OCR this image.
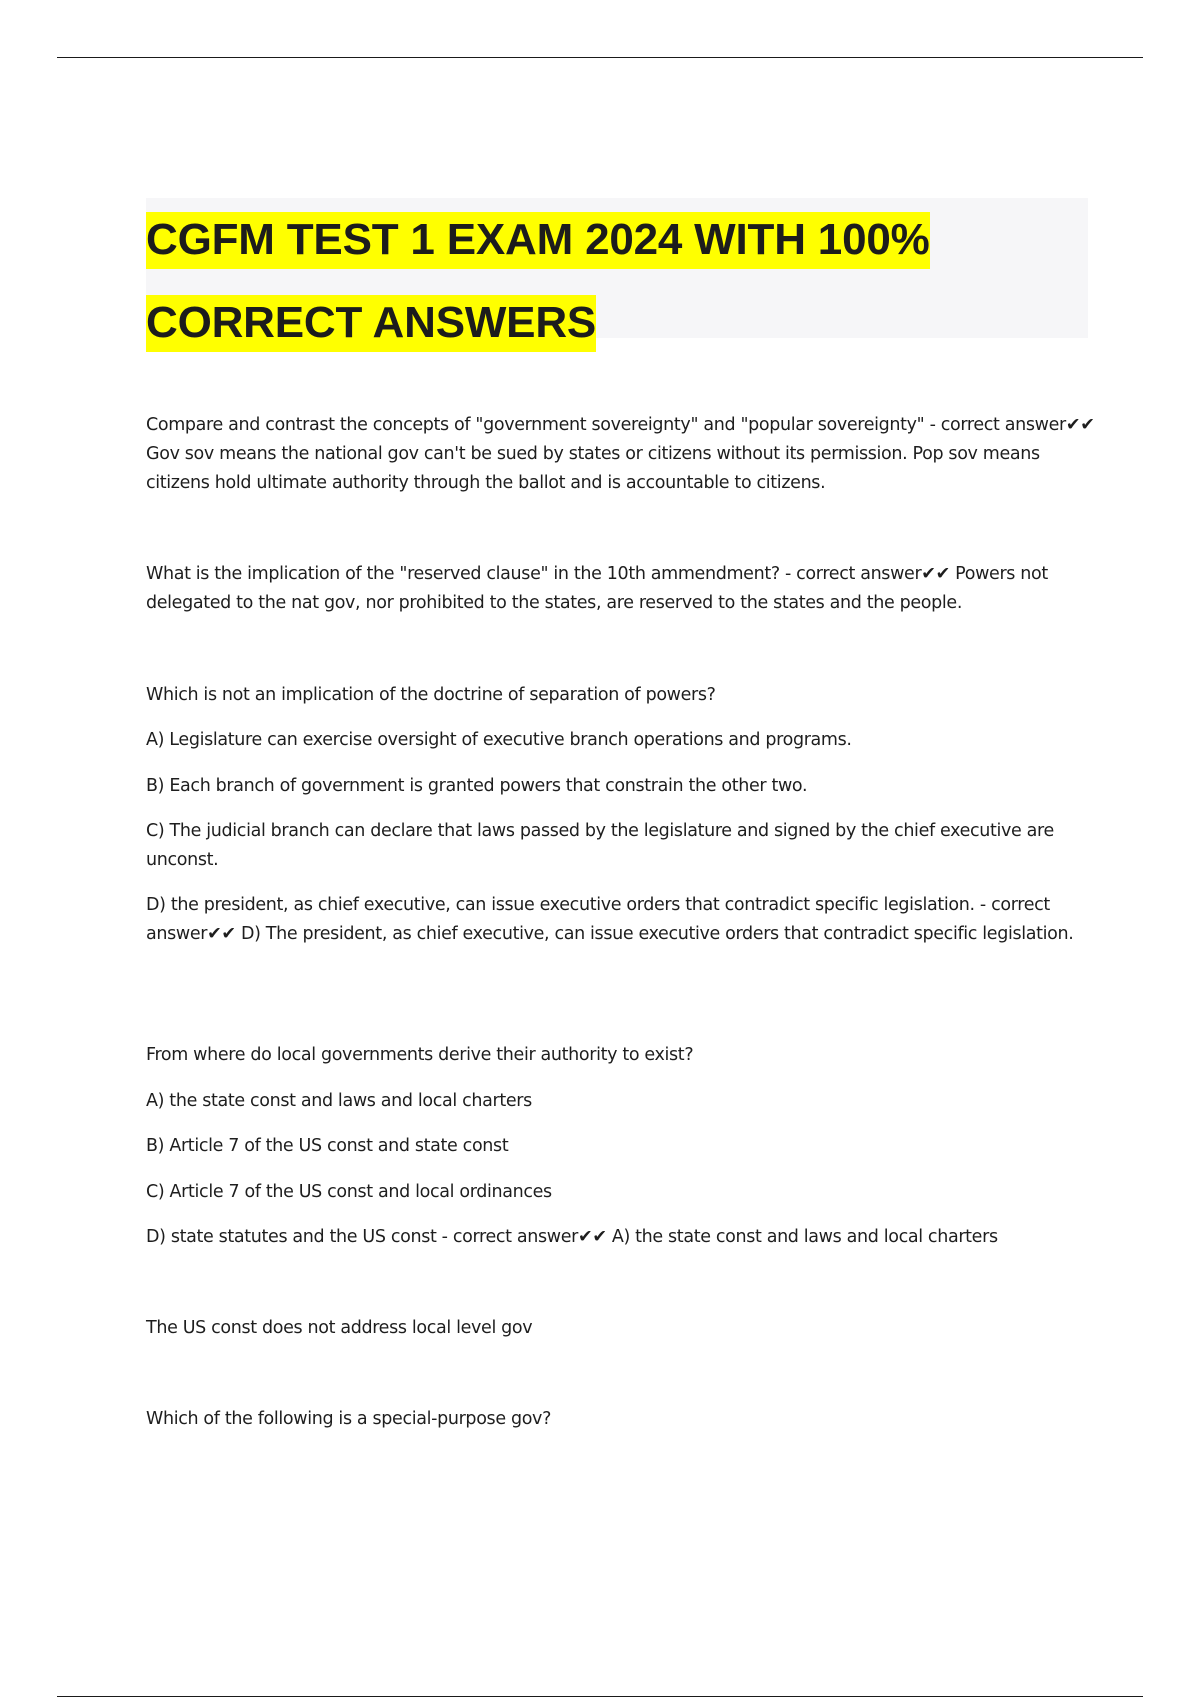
CGFM TEST 1 EXAM 2024 WITH 100%
CORRECT ANSWERS

Compare and contrast the concepts of "government sovereignty" and "popular sovereignty" - correct answer✔✔ Gov sov means the national gov can't be sued by states or citizens without its permission. Pop sov means citizens hold ultimate authority through the ballot and is accountable to citizens.

What is the implication of the "reserved clause" in the 10th ammendment? - correct answer✔✔ Powers not delegated to the nat gov, nor prohibited to the states, are reserved to the states and the people.

Which is not an implication of the doctrine of separation of powers?

A) Legislature can exercise oversight of executive branch operations and programs.

B) Each branch of government is granted powers that constrain the other two.

C) The judicial branch can declare that laws passed by the legislature and signed by the chief executive are unconst.

D) the president, as chief executive, can issue executive orders that contradict specific legislation. - correct answer✔✔ D) The president, as chief executive, can issue executive orders that contradict specific legislation.

From where do local governments derive their authority to exist?

A) the state const and laws and local charters

B) Article 7 of the US const and state const

C) Article 7 of the US const and local ordinances

D) state statutes and the US const - correct answer✔✔ A) the state const and laws and local charters

The US const does not address local level gov

Which of the following is a special-purpose gov?
